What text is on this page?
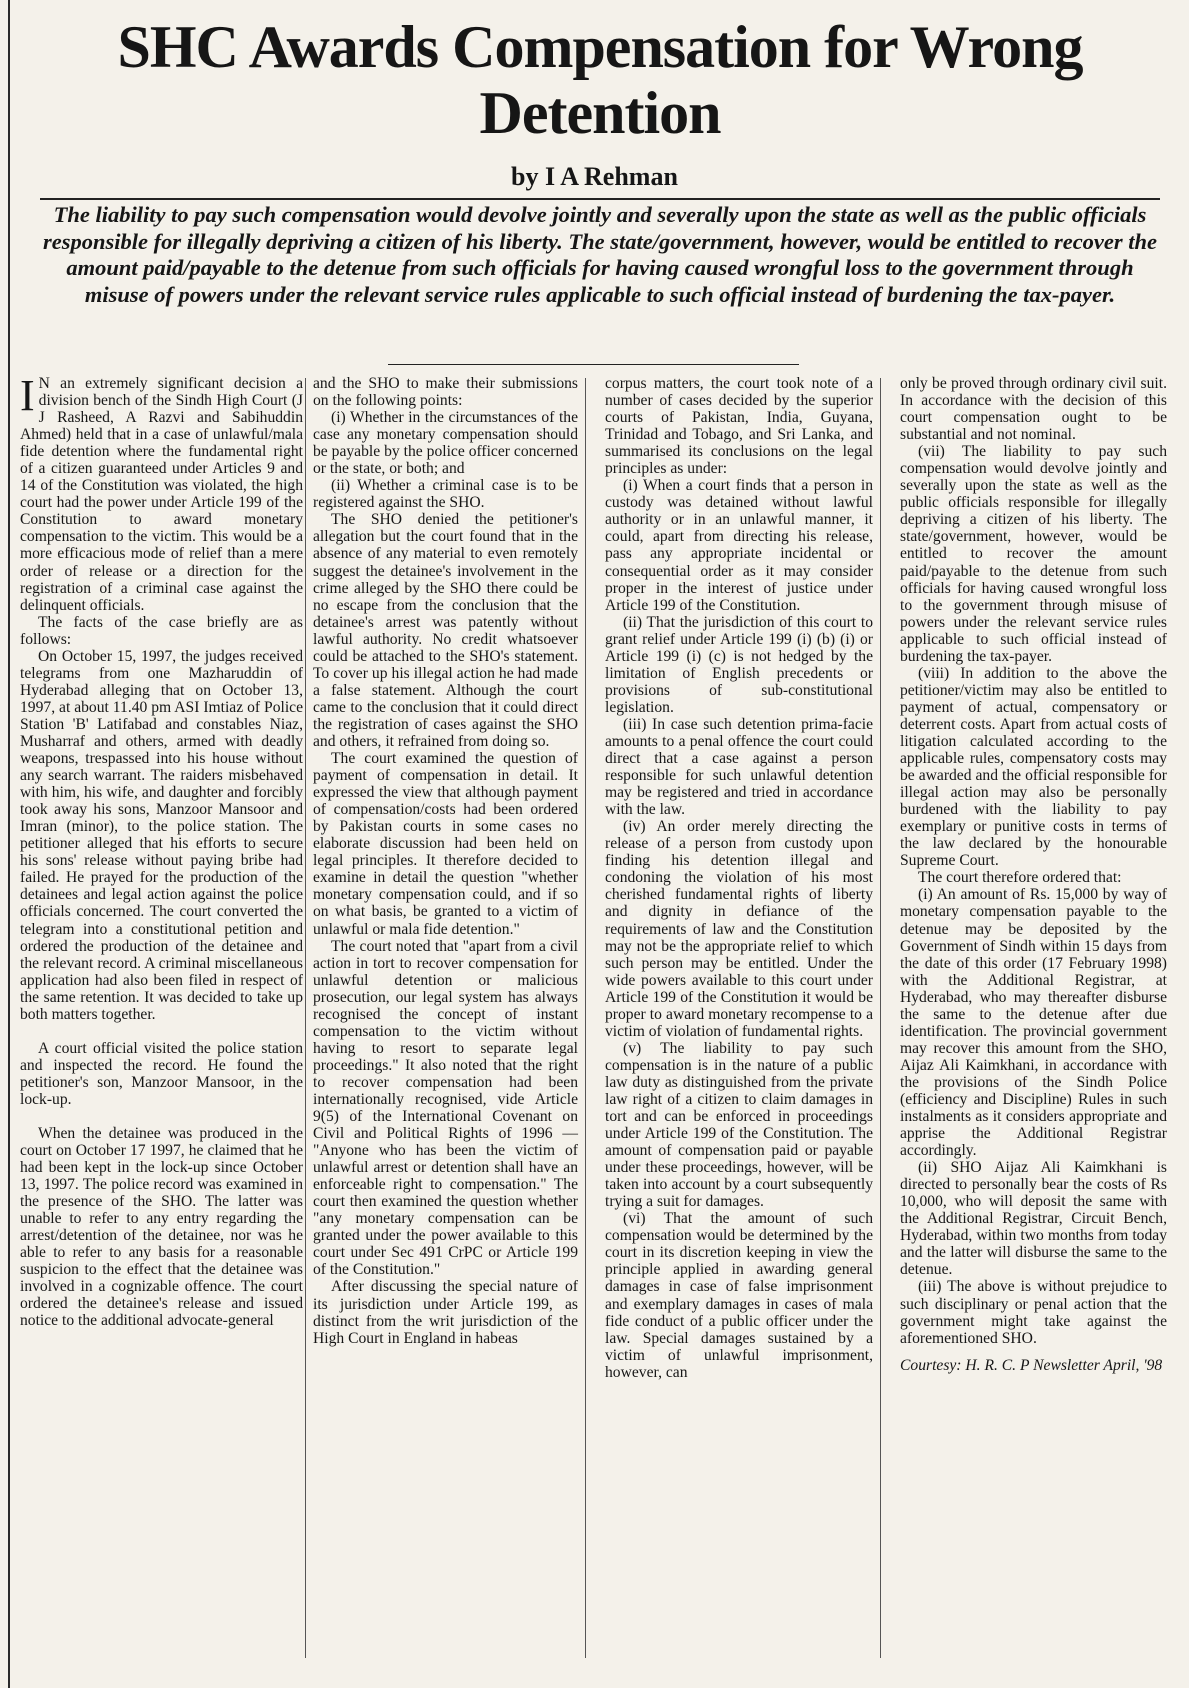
SHC Awards Compensation for Wrong Detention
by I A Rehman
The liability to pay such compensation would devolve jointly and severally upon the state as well as the public officials responsible for illegally depriving a citizen of his liberty. The state/government, however, would be entitled to recover the amount paid/payable to the detenue from such officials for having caused wrongful loss to the government through misuse of powers under the relevant service rules applicable to such official instead of burdening the tax-payer.

I N an extremely significant decision a division bench of the Sindh High Court (J J Rasheed, A Razvi and Sabihuddin Ahmed) held that in a case of unlawful/mala fide detention where the fundamental right of a citizen guaranteed under Articles 9 and 14 of the Constitution was violated, the high court had the power under Article 199 of the Constitution to award monetary compensation to the victim. This would be a more efficacious mode of relief than a mere order of release or a direction for the registration of a criminal case against the delinquent officials.

The facts of the case briefly are as follows:

On October 15, 1997, the judges received telegrams from one Mazharuddin of Hyderabad alleging that on October 13, 1997, at about 11.40 pm ASI Imtiaz of Police Station 'B' Latifabad and constables Niaz, Musharraf and others, armed with deadly weapons, trespassed into his house without any search warrant. The raiders misbehaved with him, his wife, and daughter and forcibly took away his sons, Manzoor Mansoor and Imran (minor), to the police station. The petitioner alleged that his efforts to secure his sons' release without paying bribe had failed. He prayed for the production of the detainees and legal action against the police officials concerned. The court converted the telegram into a constitutional petition and ordered the production of the detainee and the relevant record. A criminal miscellaneous application had also been filed in respect of the same retention. It was decided to take up both matters together.

A court official visited the police station and inspected the record. He found the petitioner's son, Manzoor Mansoor, in the lock-up.

When the detainee was produced in the court on October 17 1997, he claimed that he had been kept in the lock-up since October 13, 1997. The police record was examined in the presence of the SHO. The latter was unable to refer to any entry regarding the arrest/detention of the detainee, nor was he able to refer to any basis for a reasonable suspicion to the effect that the detainee was involved in a cognizable offence. The court ordered the detainee's release and issued notice to the additional advocate-general

and the SHO to make their submissions on the following points:

(i) Whether in the circumstances of the case any monetary compensation should be payable by the police officer concerned or the state, or both; and

(ii) Whether a criminal case is to be registered against the SHO.

The SHO denied the petitioner's allegation but the court found that in the absence of any material to even remotely suggest the detainee's involvement in the crime alleged by the SHO there could be no escape from the conclusion that the detainee's arrest was patently without lawful authority. No credit whatsoever could be attached to the SHO's statement. To cover up his illegal action he had made a false statement. Although the court came to the conclusion that it could direct the registration of cases against the SHO and others, it refrained from doing so.

The court examined the question of payment of compensation in detail. It expressed the view that although payment of compensation/costs had been ordered by Pakistan courts in some cases no elaborate discussion had been held on legal principles. It therefore decided to examine in detail the question "whether monetary compensation could, and if so on what basis, be granted to a victim of unlawful or mala fide detention."

The court noted that "apart from a civil action in tort to recover compensation for unlawful detention or malicious prosecution, our legal system has always recognised the concept of instant compensation to the victim without having to resort to separate legal proceedings." It also noted that the right to recover compensation had been internationally recognised, vide Article 9(5) of the International Covenant on Civil and Political Rights of 1996 — "Anyone who has been the victim of unlawful arrest or detention shall have an enforceable right to compensation." The court then examined the question whether "any monetary compensation can be granted under the power available to this court under Sec 491 CrPC or Article 199 of the Constitution."

After discussing the special nature of its jurisdiction under Article 199, as distinct from the writ jurisdiction of the High Court in England in habeas

corpus matters, the court took note of a number of cases decided by the superior courts of Pakistan, India, Guyana, Trinidad and Tobago, and Sri Lanka, and summarised its conclusions on the legal principles as under:

(i) When a court finds that a person in custody was detained without lawful authority or in an unlawful manner, it could, apart from directing his release, pass any appropriate incidental or consequential order as it may consider proper in the interest of justice under Article 199 of the Constitution.

(ii) That the jurisdiction of this court to grant relief under Article 199 (i) (b) (i) or Article 199 (i) (c) is not hedged by the limitation of English precedents or provisions of sub-constitutional legislation.

(iii) In case such detention prima-facie amounts to a penal offence the court could direct that a case against a person responsible for such unlawful detention may be registered and tried in accordance with the law.

(iv) An order merely directing the release of a person from custody upon finding his detention illegal and condoning the violation of his most cherished fundamental rights of liberty and dignity in defiance of the requirements of law and the Constitution may not be the appropriate relief to which such person may be entitled. Under the wide powers available to this court under Article 199 of the Constitution it would be proper to award monetary recompense to a victim of violation of fundamental rights.

(v) The liability to pay such compensation is in the nature of a public law duty as distinguished from the private law right of a citizen to claim damages in tort and can be enforced in proceedings under Article 199 of the Constitution. The amount of compensation paid or payable under these proceedings, however, will be taken into account by a court subsequently trying a suit for damages.

(vi) That the amount of such compensation would be determined by the court in its discretion keeping in view the principle applied in awarding general damages in case of false imprisonment and exemplary damages in cases of mala fide conduct of a public officer under the law. Special damages sustained by a victim of unlawful imprisonment, however, can

only be proved through ordinary civil suit. In accordance with the decision of this court compensation ought to be substantial and not nominal.

(vii) The liability to pay such compensation would devolve jointly and severally upon the state as well as the public officials responsible for illegally depriving a citizen of his liberty. The state/government, however, would be entitled to recover the amount paid/payable to the detenue from such officials for having caused wrongful loss to the government through misuse of powers under the relevant service rules applicable to such official instead of burdening the tax-payer.

(viii) In addition to the above the petitioner/victim may also be entitled to payment of actual, compensatory or deterrent costs. Apart from actual costs of litigation calculated according to the applicable rules, compensatory costs may be awarded and the official responsible for illegal action may also be personally burdened with the liability to pay exemplary or punitive costs in terms of the law declared by the honourable Supreme Court.

The court therefore ordered that:

(i) An amount of Rs. 15,000 by way of monetary compensation payable to the detenue may be deposited by the Government of Sindh within 15 days from the date of this order (17 February 1998) with the Additional Registrar, at Hyderabad, who may thereafter disburse the same to the detenue after due identification. The provincial government may recover this amount from the SHO, Aijaz Ali Kaimkhani, in accordance with the provisions of the Sindh Police (efficiency and Discipline) Rules in such instalments as it considers appropriate and apprise the Additional Registrar accordingly.

(ii) SHO Aijaz Ali Kaimkhani is directed to personally bear the costs of Rs 10,000, who will deposit the same with the Additional Registrar, Circuit Bench, Hyderabad, within two months from today and the latter will disburse the same to the detenue.

(iii) The above is without prejudice to such disciplinary or penal action that the government might take against the aforementioned SHO.

Courtesy: H. R. C. P Newsletter April, '98
